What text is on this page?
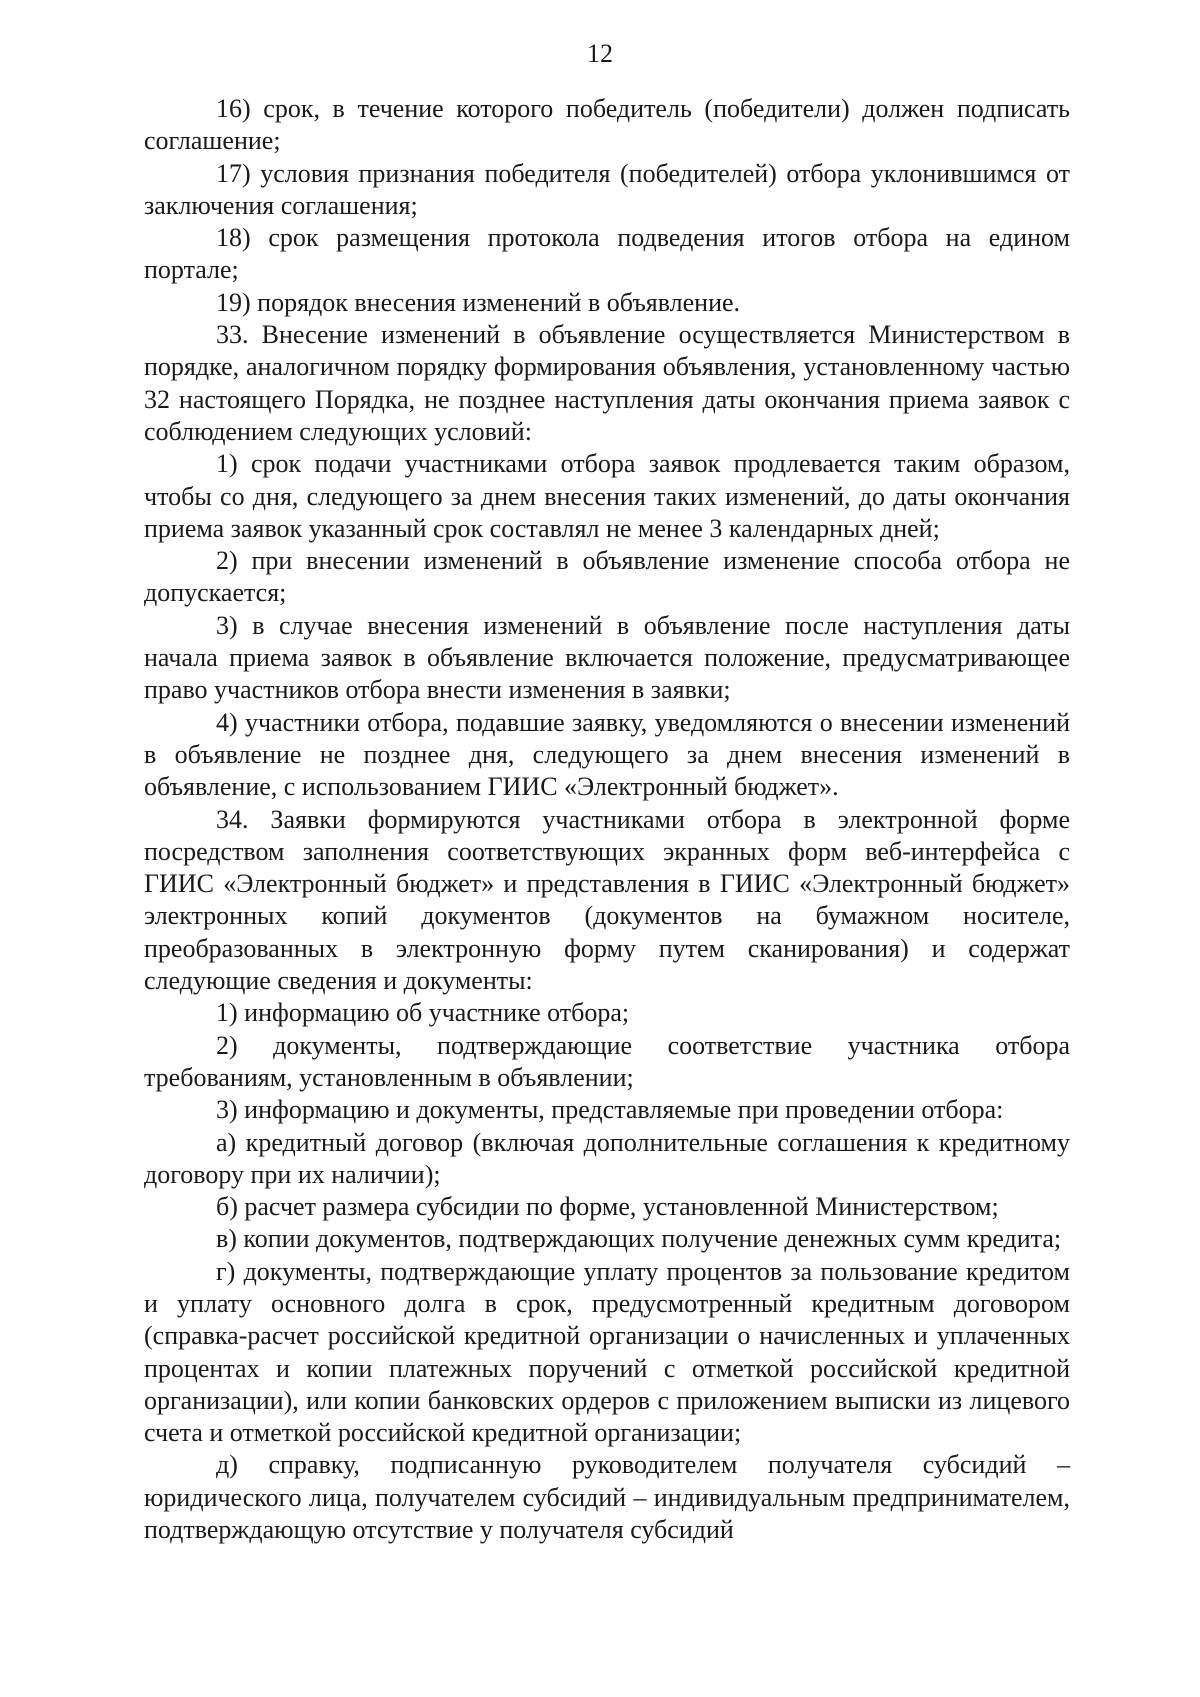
12

16) срок, в течение которого победитель (победители) должен подписать соглашение;

17) условия признания победителя (победителей) отбора уклонившимся от заключения соглашения;

18) срок размещения протокола подведения итогов отбора на едином портале;

19) порядок внесения изменений в объявление.

33. Внесение изменений в объявление осуществляется Министерством в порядке, аналогичном порядку формирования объявления, установленному частью 32 настоящего Порядка, не позднее наступления даты окончания приема заявок с соблюдением следующих условий:

1) срок подачи участниками отбора заявок продлевается таким образом, чтобы со дня, следующего за днем внесения таких изменений, до даты окончания приема заявок указанный срок составлял не менее 3 календарных дней;

2) при внесении изменений в объявление изменение способа отбора не допускается;

3) в случае внесения изменений в объявление после наступления даты начала приема заявок в объявление включается положение, предусматривающее право участников отбора внести изменения в заявки;

4) участники отбора, подавшие заявку, уведомляются о внесении изменений в объявление не позднее дня, следующего за днем внесения изменений в объявление, с использованием ГИИС «Электронный бюджет».

34. Заявки формируются участниками отбора в электронной форме посредством заполнения соответствующих экранных форм веб-интерфейса с ГИИС «Электронный бюджет» и представления в ГИИС «Электронный бюджет» электронных копий документов (документов на бумажном носителе, преобразованных в электронную форму путем сканирования) и содержат следующие сведения и документы:

1) информацию об участнике отбора;

2) документы, подтверждающие соответствие участника отбора требованиям, установленным в объявлении;

3) информацию и документы, представляемые при проведении отбора:

а) кредитный договор (включая дополнительные соглашения к кредитному договору при их наличии);

б) расчет размера субсидии по форме, установленной Министерством;

в) копии документов, подтверждающих получение денежных сумм кредита;

г) документы, подтверждающие уплату процентов за пользование кредитом и уплату основного долга в срок, предусмотренный кредитным договором (справка-расчет российской кредитной организации о начисленных и уплаченных процентах и копии платежных поручений с отметкой российской кредитной организации), или копии банковских ордеров с приложением выписки из лицевого счета и отметкой российской кредитной организации;

д) справку, подписанную руководителем получателя субсидий – юридического лица, получателем субсидий – индивидуальным предпринимателем, подтверждающую отсутствие у получателя субсидий
